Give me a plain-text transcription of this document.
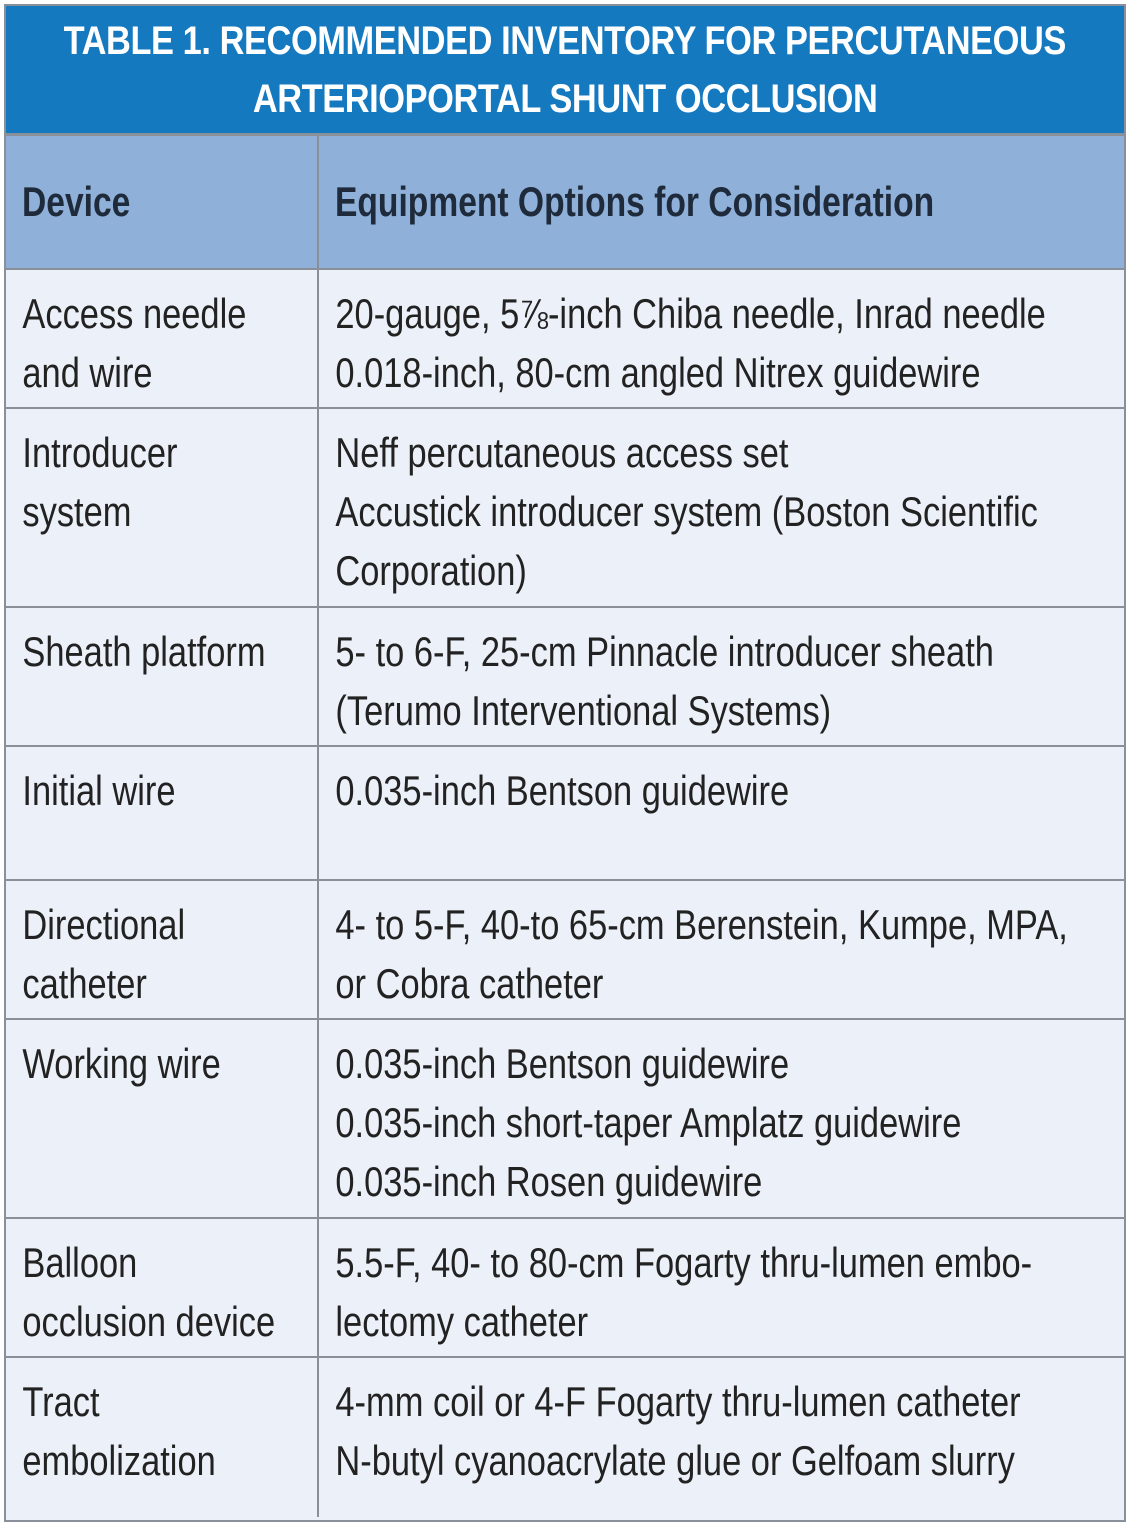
TABLE 1. RECOMMENDED INVENTORY FOR PERCUTANEOUS
ARTERIOPORTAL SHUNT OCCLUSION
Device	Equipment Options for Consideration

Access needle
and wire	20-gauge, 5⅞-inch Chiba needle, Inrad needle
0.018-inch, 80-cm angled Nitrex guidewire

Introducer
system	Neff percutaneous access set
Accustick introducer system (Boston Scientific
Corporation)

Sheath platform	5- to 6-F, 25-cm Pinnacle introducer sheath
(Terumo Interventional Systems)

Initial wire	0.035-inch Bentson guidewire

Directional
catheter	4- to 5-F, 40-to 65-cm Berenstein, Kumpe, MPA,
or Cobra catheter

Working wire	0.035-inch Bentson guidewire
0.035-inch short-taper Amplatz guidewire
0.035-inch Rosen guidewire

Balloon
occlusion device	5.5-F, 40- to 80-cm Fogarty thru-lumen embo-
lectomy catheter

Tract
embolization	4-mm coil or 4-F Fogarty thru-lumen catheter
N-butyl cyanoacrylate glue or Gelfoam slurry
